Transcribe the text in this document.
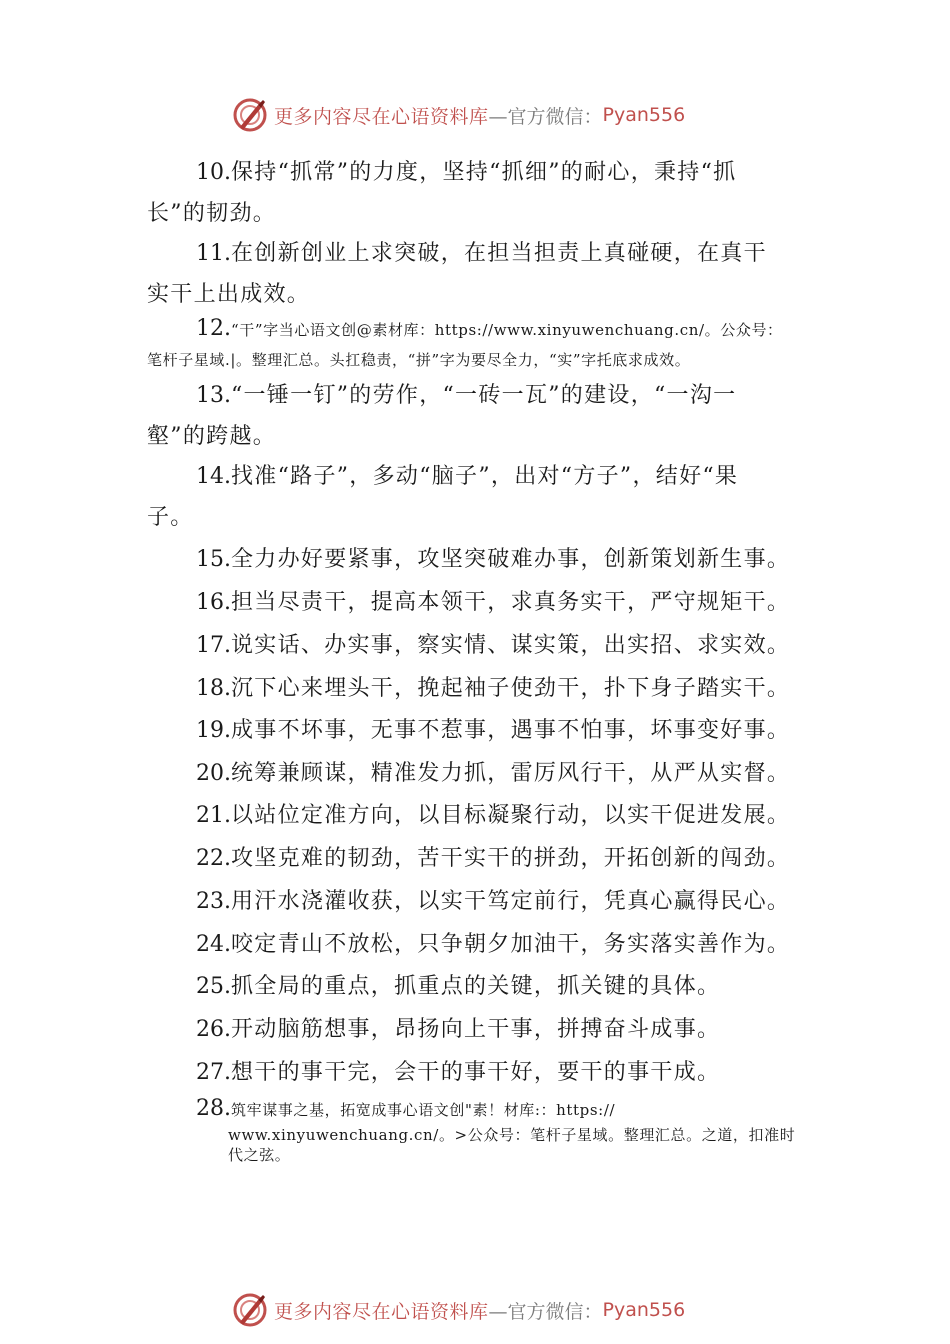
更多内容尽在心语资料库 —官方微信： Pyan556
10.保持“抓常”的力度，坚持“抓细”的耐心，秉持“抓
长”的韧劲。
11.在创新创业上求突破，在担当担责上真碰硬，在真干
实干上出成效。
12.“干”字当心语文创@素材库：https://www.xinyuwenchuang.cn/。公众号：
笔杆子星域.|。整理汇总。头扛稳责，“拼”字为要尽全力，“实”字托底求成效。
13.“一锤一钉”的劳作，“一砖一瓦”的建设，“一沟一
壑”的跨越。
14.找准“路子”，多动“脑子”，出对“方子”，结好“果
子。
15.全力办好要紧事，攻坚突破难办事，创新策划新生事。
16.担当尽责干，提高本领干，求真务实干，严守规矩干。
17.说实话、办实事，察实情、谋实策，出实招、求实效。
18.沉下心来埋头干，挽起袖子使劲干，扑下身子踏实干。
19.成事不坏事，无事不惹事，遇事不怕事，坏事变好事。
20.统筹兼顾谋，精准发力抓，雷厉风行干，从严从实督。
21.以站位定准方向，以目标凝聚行动，以实干促进发展。
22.攻坚克难的韧劲，苦干实干的拼劲，开拓创新的闯劲。
23.用汗水浇灌收获，以实干笃定前行，凭真心赢得民心。
24.咬定青山不放松，只争朝夕加油干，务实落实善作为。
25.抓全局的重点，抓重点的关键，抓关键的具体。
26.开动脑筋想事，昂扬向上干事，拼搏奋斗成事。
27.想干的事干完，会干的事干好，要干的事干成。
28.筑牢谋事之基，拓宽成事心语文创"素！材库:：https://
www.xinyuwenchuang.cn/。>公众号：笔杆子星域。整理汇总。之道，扣准时
代之弦。
更多内容尽在心语资料库 —官方微信： Pyan556
